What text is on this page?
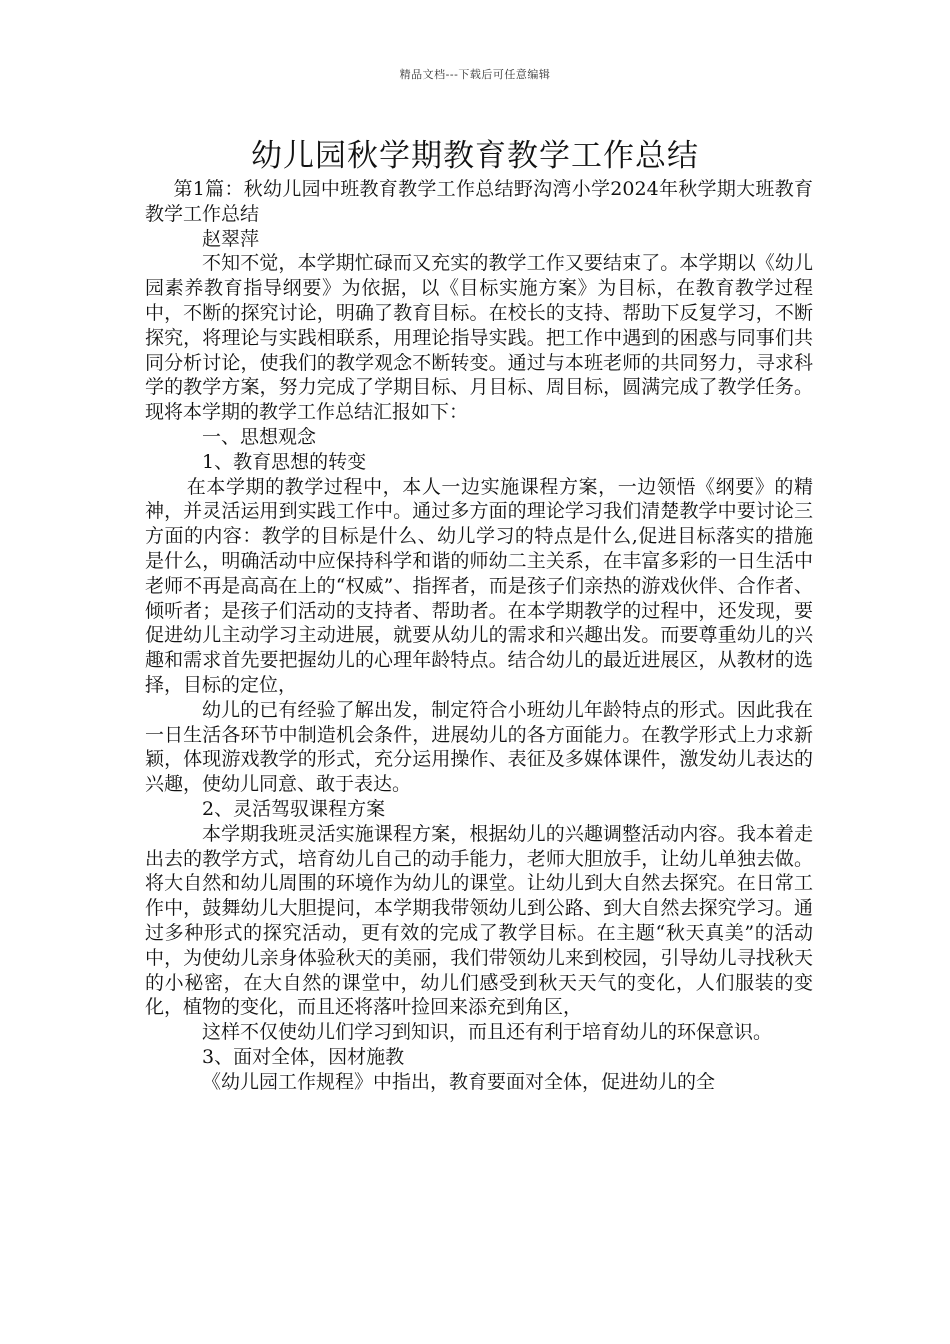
精品文档---下载后可任意编辑
幼儿园秋学期教育教学工作总结

第1篇：秋幼儿园中班教育教学工作总结野沟湾小学2024年秋学期大班教育教学工作总结

赵翠萍

不知不觉，本学期忙碌而又充实的教学工作又要结束了。本学期以《幼儿园素养教育指导纲要》为依据，以《目标实施方案》为目标，在教育教学过程中，不断的探究讨论，明确了教育目标。在校长的支持、帮助下反复学习，不断探究，将理论与实践相联系，用理论指导实践。把工作中遇到的困惑与同事们共同分析讨论，使我们的教学观念不断转变。通过与本班老师的共同努力，寻求科学的教学方案，努力完成了学期目标、月目标、周目标，圆满完成了教学任务。现将本学期的教学工作总结汇报如下：

一、思想观念

1、教育思想的转变

在本学期的教学过程中，本人一边实施课程方案，一边领悟《纲要》的精神，并灵活运用到实践工作中。通过多方面的理论学习我们清楚教学中要讨论三方面的内容：教学的目标是什么、幼儿学习的特点是什么,促进目标落实的措施是什么，明确活动中应保持科学和谐的师幼二主关系，在丰富多彩的一日生活中老师不再是高高在上的“权威”、指挥者，而是孩子们亲热的游戏伙伴、合作者、倾听者；是孩子们活动的支持者、帮助者。在本学期教学的过程中，还发现，要促进幼儿主动学习主动进展，就要从幼儿的需求和兴趣出发。而要尊重幼儿的兴趣和需求首先要把握幼儿的心理年龄特点。结合幼儿的最近进展区，从教材的选择，目标的定位，

幼儿的已有经验了解出发，制定符合小班幼儿年龄特点的形式。因此我在一日生活各环节中制造机会条件，进展幼儿的各方面能力。在教学形式上力求新颖，体现游戏教学的形式，充分运用操作、表征及多媒体课件，激发幼儿表达的兴趣，使幼儿同意、敢于表达。

2、灵活驾驭课程方案

本学期我班灵活实施课程方案，根据幼儿的兴趣调整活动内容。我本着走出去的教学方式，培育幼儿自己的动手能力，老师大胆放手，让幼儿单独去做。将大自然和幼儿周围的环境作为幼儿的课堂。让幼儿到大自然去探究。在日常工作中，鼓舞幼儿大胆提问，本学期我带领幼儿到公路、到大自然去探究学习。通过多种形式的探究活动，更有效的完成了教学目标。在主题“秋天真美”的活动中，为使幼儿亲身体验秋天的美丽，我们带领幼儿来到校园，引导幼儿寻找秋天的小秘密，在大自然的课堂中，幼儿们感受到秋天天气的变化，人们服装的变化，植物的变化，而且还将落叶捡回来添充到角区，

这样不仅使幼儿们学习到知识，而且还有利于培育幼儿的环保意识。

3、面对全体，因材施教

《幼儿园工作规程》中指出，教育要面对全体，促进幼儿的全
